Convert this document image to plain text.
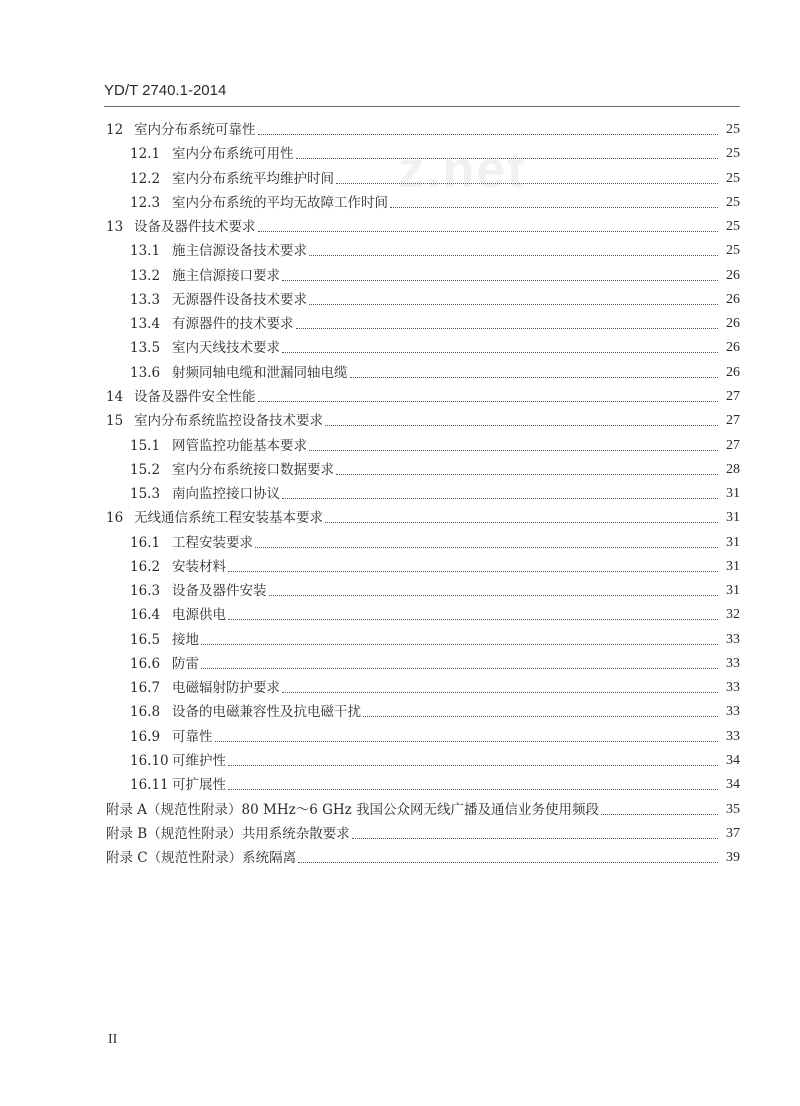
YD/T 2740.1-2014
z.net
12 室内分布系统可靠性	25
12.1 室内分布系统可用性	25
12.2 室内分布系统平均维护时间	25
12.3 室内分布系统的平均无故障工作时间	25
13 设备及器件技术要求	25
13.1 施主信源设备技术要求	25
13.2 施主信源接口要求	26
13.3 无源器件设备技术要求	26
13.4 有源器件的技术要求	26
13.5 室内天线技术要求	26
13.6 射频同轴电缆和泄漏同轴电缆	26
14 设备及器件安全性能	27
15 室内分布系统监控设备技术要求	27
15.1 网管监控功能基本要求	27
15.2 室内分布系统接口数据要求	28
15.3 南向监控接口协议	31
16 无线通信系统工程安装基本要求	31
16.1 工程安装要求	31
16.2 安装材料	31
16.3 设备及器件安装	31
16.4 电源供电	32
16.5 接地	33
16.6 防雷	33
16.7 电磁辐射防护要求	33
16.8 设备的电磁兼容性及抗电磁干扰	33
16.9 可靠性	33
16.10 可维护性	34
16.11 可扩展性	34
附录 A（规范性附录）80 MHz～6 GHz 我国公众网无线广播及通信业务使用频段	35
附录 B（规范性附录）共用系统杂散要求	37
附录 C（规范性附录）系统隔离	39
II
